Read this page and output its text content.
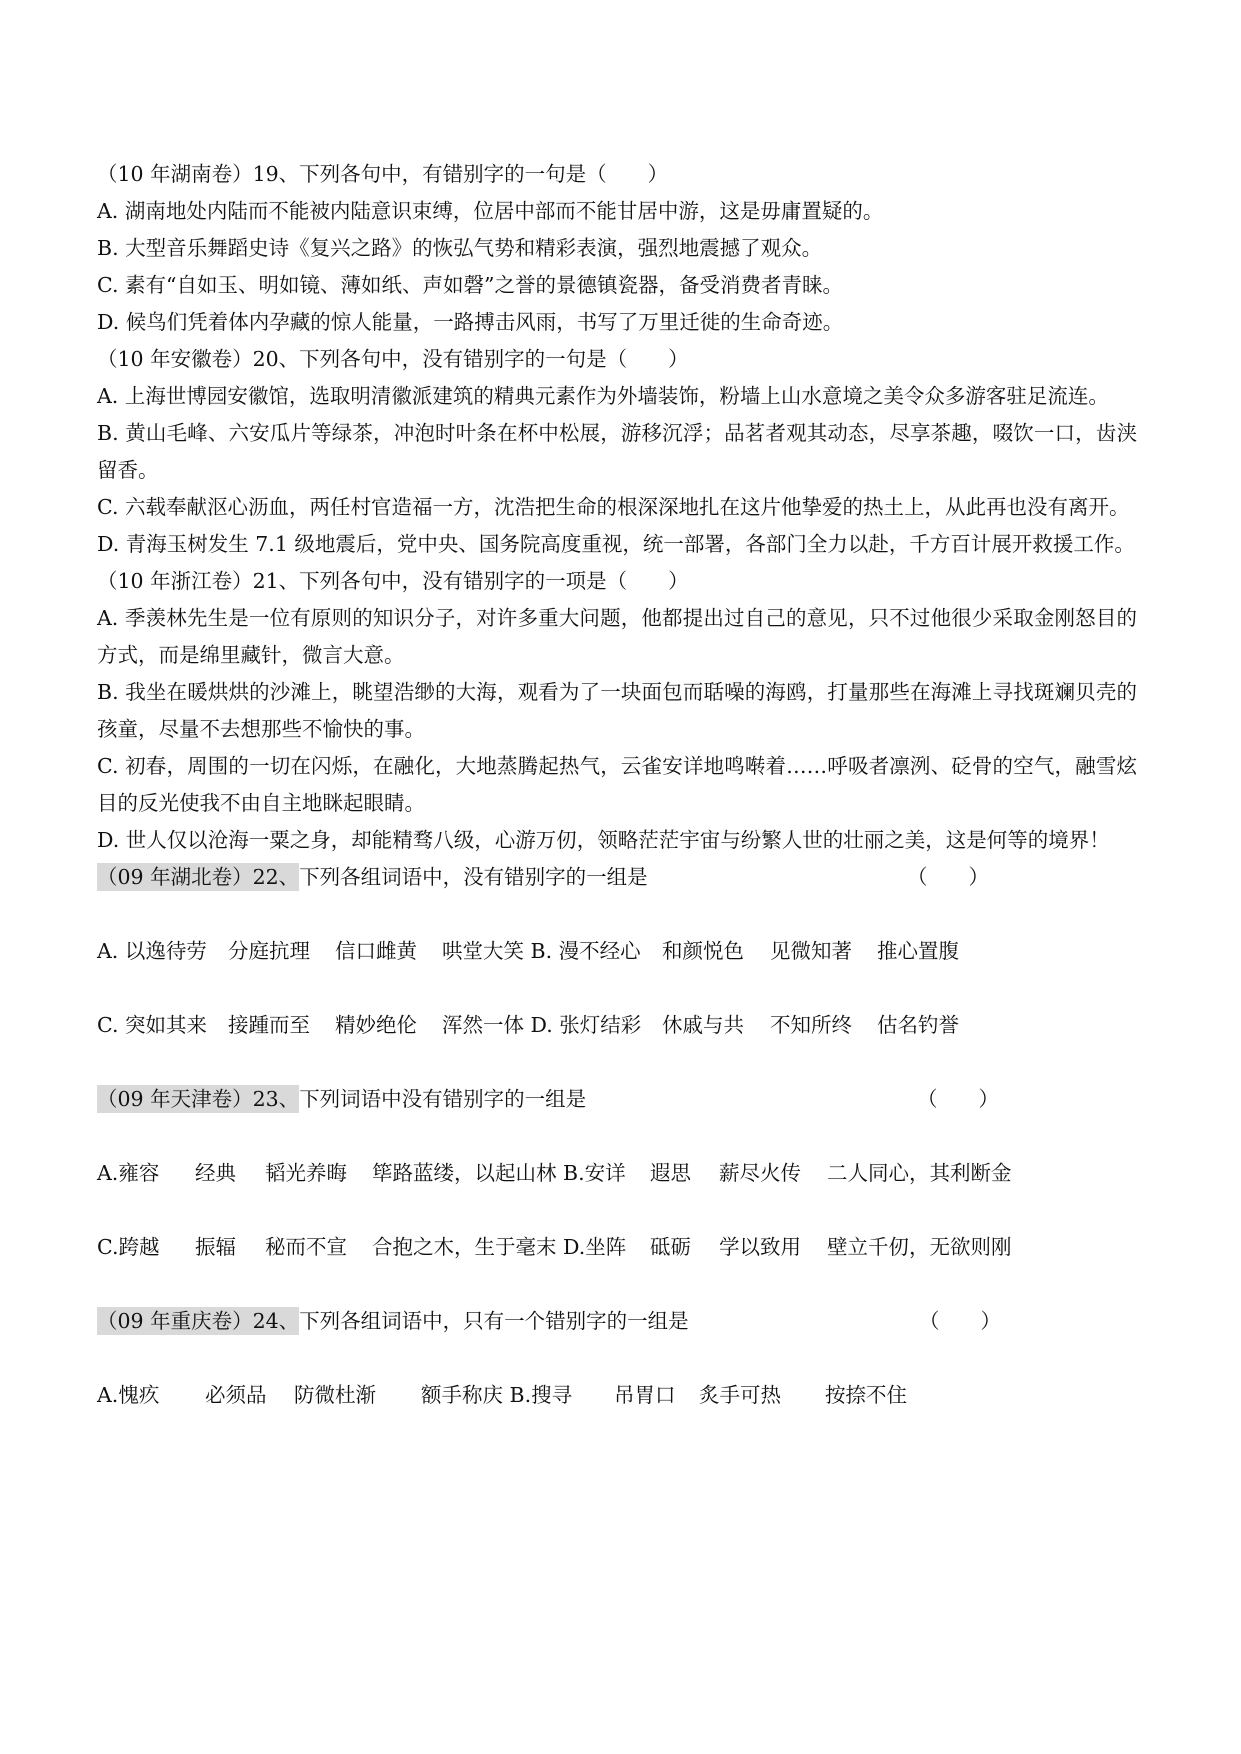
（10 年湖南卷）19、下列各句中，有错别字的一句是（　　）
A. 湖南地处内陆而不能被内陆意识束缚，位居中部而不能甘居中游，这是毋庸置疑的。
B. 大型音乐舞蹈史诗《复兴之路》的恢弘气势和精彩表演，强烈地震撼了观众。
C. 素有“自如玉、明如镜、薄如纸、声如磬”之誉的景德镇瓷器，备受消费者青睐。
D. 候鸟们凭着体内孕藏的惊人能量，一路搏击风雨，书写了万里迁徙的生命奇迹。
（10 年安徽卷）20、下列各句中，没有错别字的一句是（　　）
A. 上海世博园安徽馆，选取明清徽派建筑的精典元素作为外墙装饰，粉墙上山水意境之美令众多游客驻足流连。
B. 黄山毛峰、六安瓜片等绿茶，冲泡时叶条在杯中松展，游移沉浮；品茗者观其动态，尽享茶趣，啜饮一口，齿浃留香。
C. 六载奉献沤心沥血，两任村官造福一方，沈浩把生命的根深深地扎在这片他挚爱的热土上，从此再也没有离开。
D. 青海玉树发生 7.1 级地震后，党中央、国务院高度重视，统一部署，各部门全力以赴，千方百计展开救援工作。
（10 年浙江卷）21、下列各句中，没有错别字的一项是（　　）
A. 季羡林先生是一位有原则的知识分子，对许多重大问题，他都提出过自己的意见，只不过他很少采取金刚怒目的方式，而是绵里藏针，微言大意。
B. 我坐在暖烘烘的沙滩上，眺望浩缈的大海，观看为了一块面包而聒噪的海鸥，打量那些在海滩上寻找斑斓贝壳的孩童，尽量不去想那些不愉快的事。
C. 初春，周围的一切在闪烁，在融化，大地蒸腾起热气，云雀安详地鸣啭着……呼吸者凛洌、砭骨的空气，融雪炫目的反光使我不由自主地眯起眼睛。
D. 世人仅以沧海一粟之身，却能精骛八级，心游万仞，领略茫茫宇宙与纷繁人世的壮丽之美，这是何等的境界！
（09 年湖北卷）22、下列各组词语中，没有错别字的一组是	（　　）
A. 以逸待劳 分庭抗理 信口雌黄 哄堂大笑 B. 漫不经心 和颜悦色 见微知著 推心置腹
C. 突如其来 接踵而至 精妙绝伦 浑然一体 D. 张灯结彩 休戚与共 不知所终 估名钓誉
（09 年天津卷）23、下列词语中没有错别字的一组是	（　　）
A.雍容 经典 韬光养晦 筚路蓝缕，以起山林 B.安详 遐思 薪尽火传 二人同心，其利断金
C.跨越 振辐 秘而不宣 合抱之木，生于毫末 D.坐阵 砥砺 学以致用 壁立千仞，无欲则刚
（09 年重庆卷）24、下列各组词语中，只有一个错别字的一组是	（　　）
A.愧疚 必须品 防微杜渐 额手称庆 B.搜寻 吊胃口 炙手可热 按捺不住
